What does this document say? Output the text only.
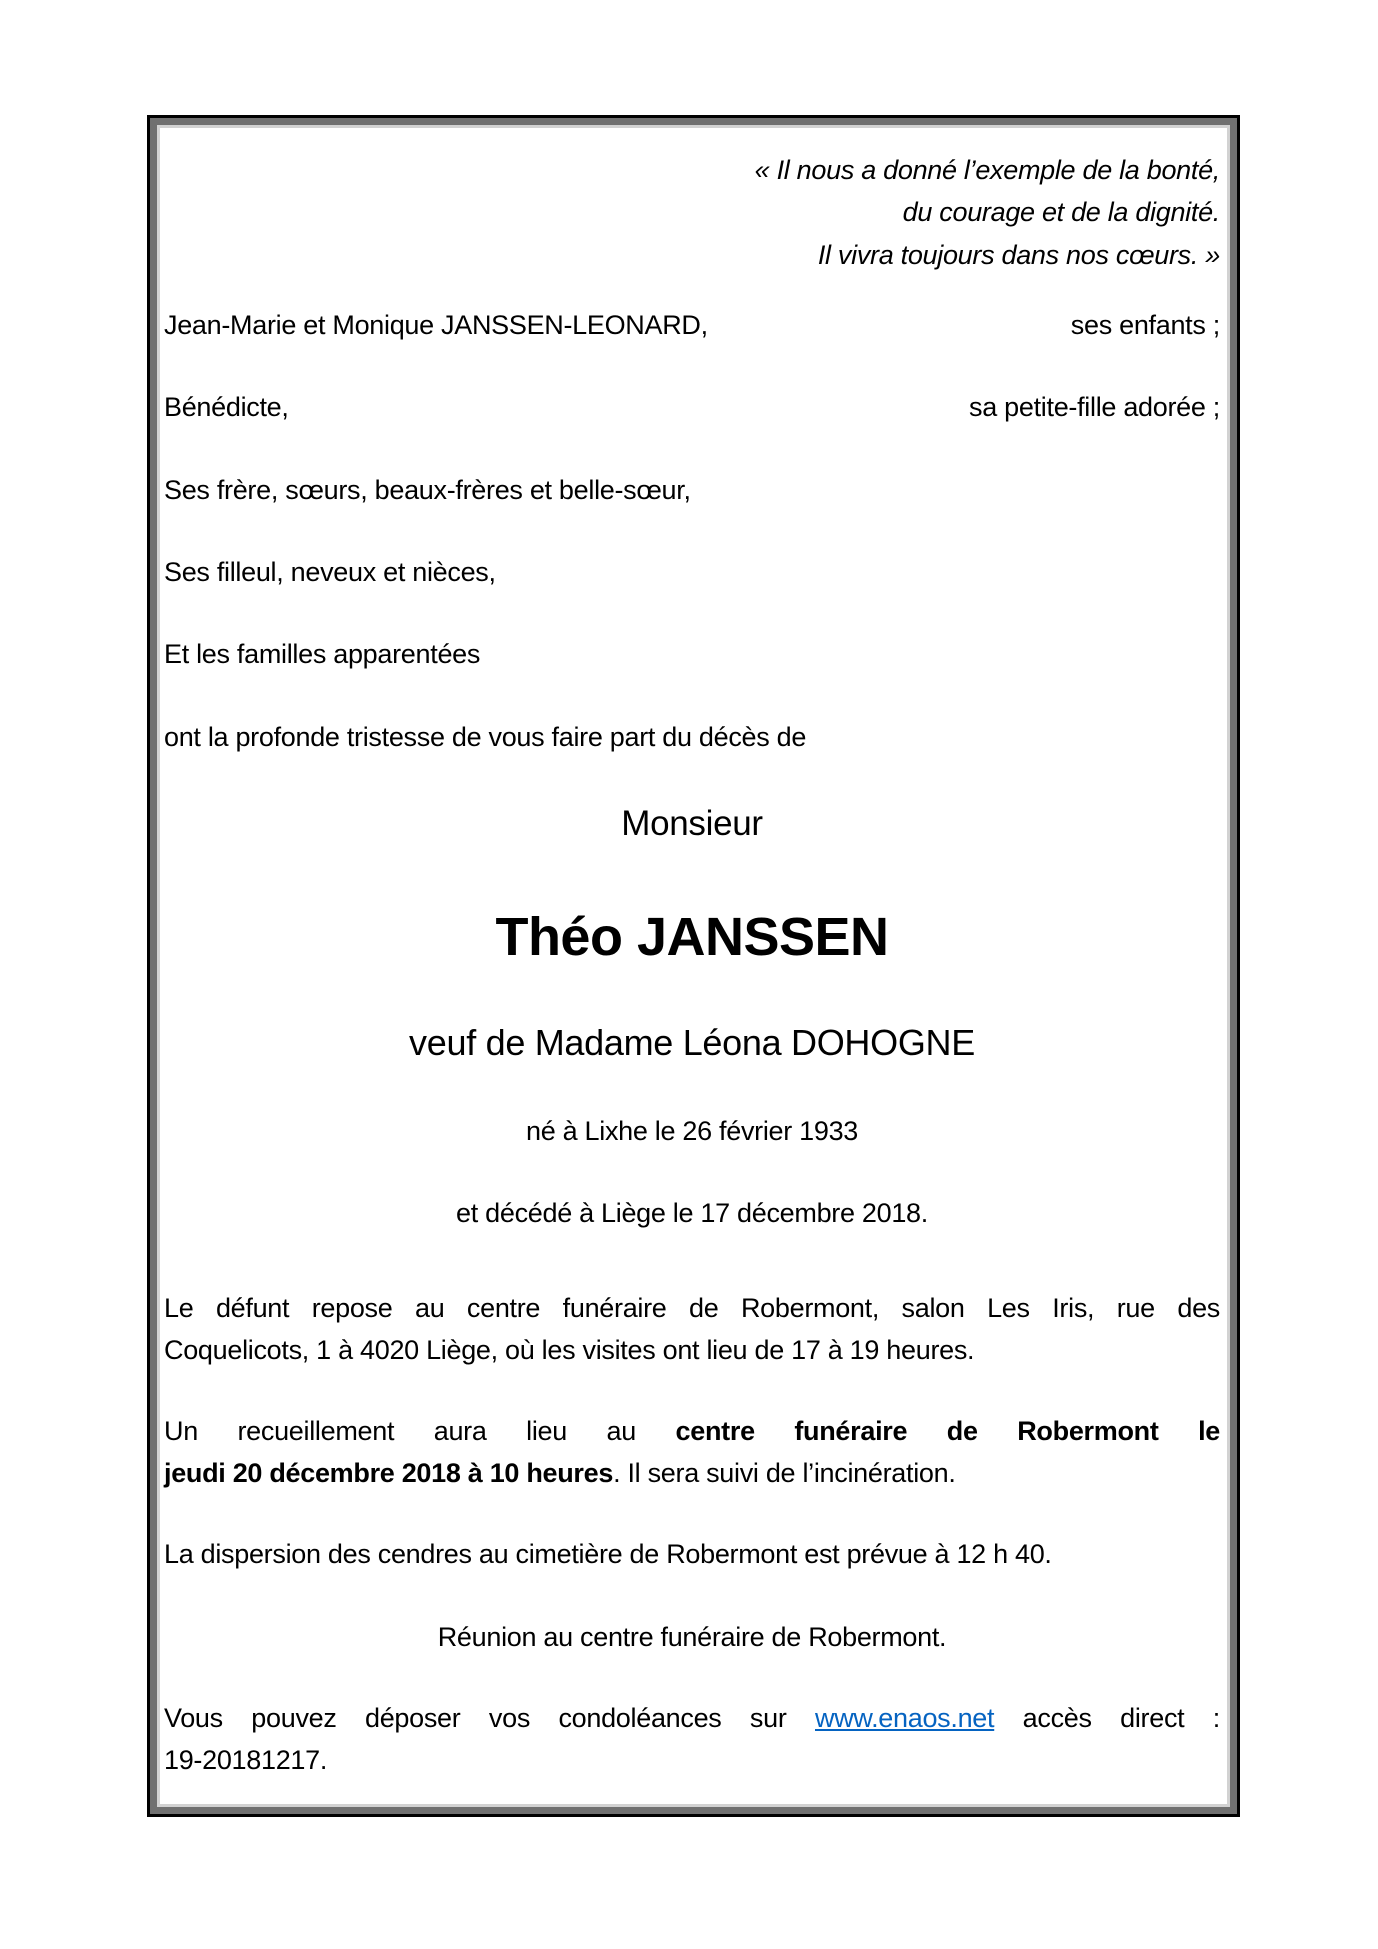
« Il nous a donné l’exemple de la bonté,
du courage et de la dignité.
Il vivra toujours dans nos cœurs. »
Jean-Marie et Monique JANSSEN-LEONARD,	ses enfants ;
Bénédicte,	sa petite-fille adorée ;
Ses frère, sœurs, beaux-frères et belle-sœur,
Ses filleul, neveux et nièces,
Et les familles apparentées
ont la profonde tristesse de vous faire part du décès de
Monsieur
Théo JANSSEN
veuf de Madame Léona DOHOGNE
né à Lixhe le 26 février 1933
et décédé à Liège le 17 décembre 2018.
Le défunt repose au centre funéraire de Robermont, salon Les Iris, rue des
Coquelicots, 1 à 4020 Liège, où les visites ont lieu de 17 à 19 heures.
Un recueillement aura lieu au centre funéraire de Robermont le
jeudi 20 décembre 2018 à 10 heures. Il sera suivi de l’incinération.
La dispersion des cendres au cimetière de Robermont est prévue à 12 h 40.
Réunion au centre funéraire de Robermont.
Vous pouvez déposer vos condoléances sur www.enaos.net accès direct :
19-20181217.
